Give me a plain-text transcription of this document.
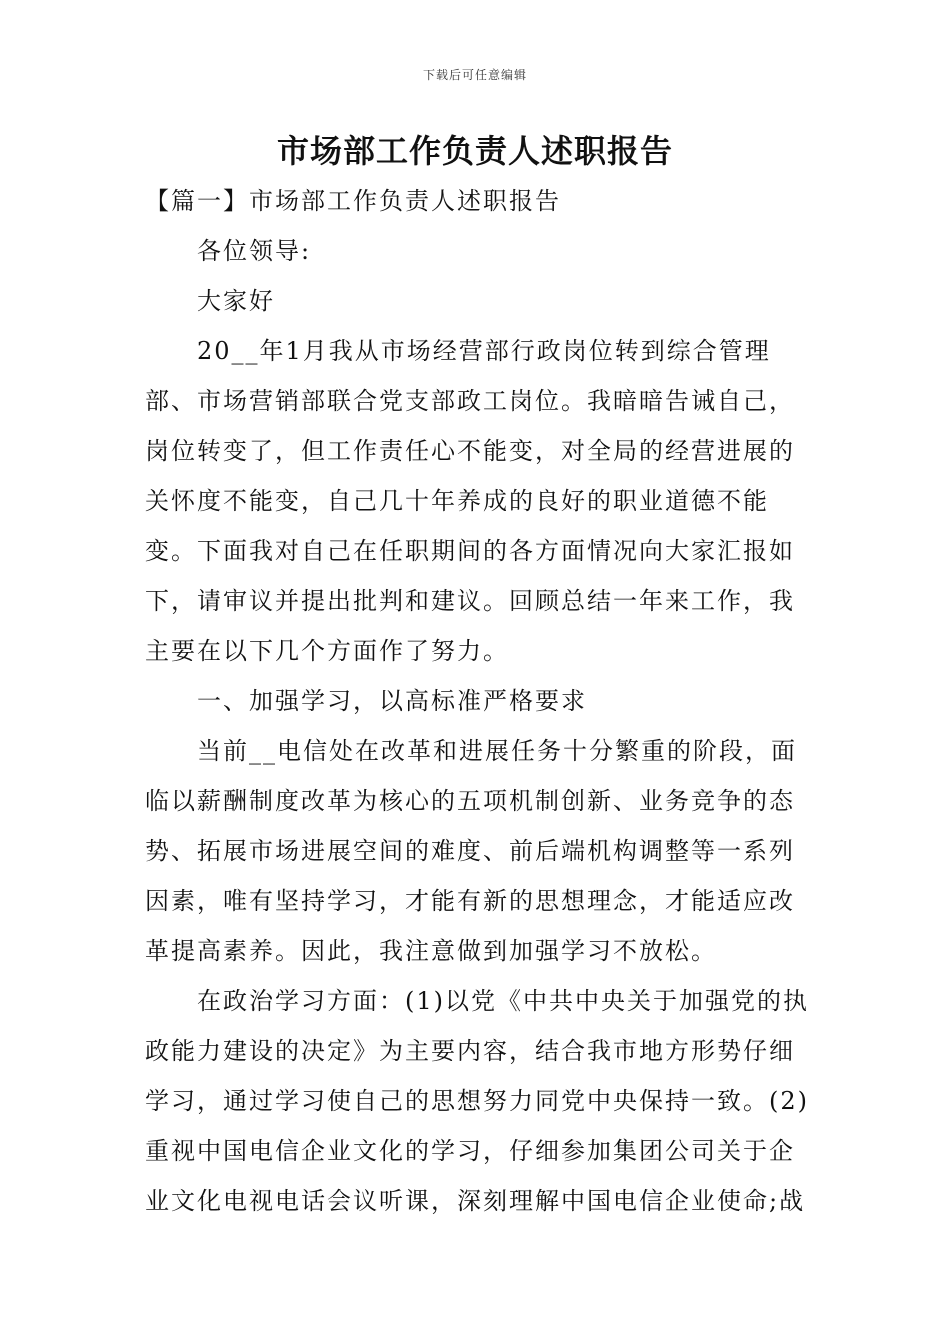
下载后可任意编辑
市场部工作负责人述职报告

【篇一】市场部工作负责人述职报告

各位领导:

大家好

20__年1月我从市场经营部行政岗位转到综合管理部、市场营销部联合党支部政工岗位。我暗暗告诫自己，岗位转变了，但工作责任心不能变，对全局的经营进展的关怀度不能变，自己几十年养成的良好的职业道德不能变。下面我对自己在任职期间的各方面情况向大家汇报如下，请审议并提出批判和建议。回顾总结一年来工作，我主要在以下几个方面作了努力。

一、加强学习，以高标准严格要求

当前__电信处在改革和进展任务十分繁重的阶段，面临以薪酬制度改革为核心的五项机制创新、业务竞争的态势、拓展市场进展空间的难度、前后端机构调整等一系列因素，唯有坚持学习，才能有新的思想理念，才能适应改革提高素养。因此，我注意做到加强学习不放松。

在政治学习方面：(1)以党《中共中央关于加强党的执政能力建设的决定》为主要内容，结合我市地方形势仔细学习，通过学习使自己的思想努力同党中央保持一致。(2)重视中国电信企业文化的学习，仔细参加集团公司关于企业文化电视电话会议听课，深刻理解中国电信企业使命;战
